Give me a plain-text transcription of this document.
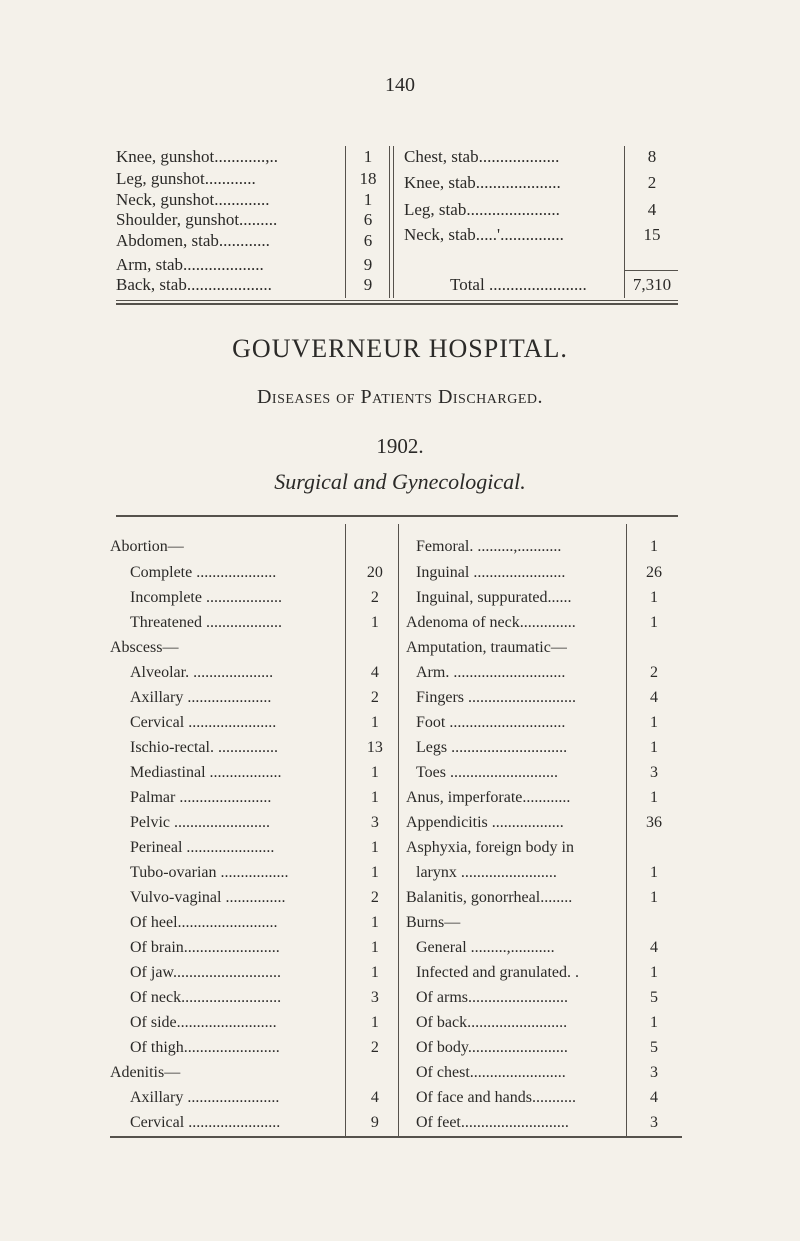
140
Knee, gunshot............,..	1
Leg, gunshot............	18
Neck, gunshot.............	1
Shoulder, gunshot.........	6
Abdomen, stab............	6
Arm, stab...................	9
Back, stab....................	9
Chest, stab...................	8
Knee, stab....................	2
Leg, stab......................	4
Neck, stab.....'...............	15
Total .......................	7,310
GOUVERNEUR HOSPITAL.
Diseases of Patients Discharged.
1902.
Surgical and Gynecological.
Abortion—
Complete ....................	20
Incomplete ...................	2
Threatened ...................	1
Abscess—
Alveolar. ....................	4
Axillary .....................	2
Cervical ......................	1
Ischio-rectal. ...............	13
Mediastinal ..................	1
Palmar .......................	1
Pelvic ........................	3
Perineal ......................	1
Tubo-ovarian .................	1
Vulvo-vaginal ...............	2
Of heel.........................	1
Of brain........................	1
Of jaw...........................	1
Of neck.........................	3
Of side.........................	1
Of thigh........................	2
Adenitis—
Axillary .......................	4
Cervical .......................	9
Femoral. .........,...........	1
Inguinal .......................	26
Inguinal, suppurated......	1
Adenoma of neck..............	1
Amputation, traumatic—
Arm. ............................	2
Fingers ...........................	4
Foot .............................	1
Legs .............................	1
Toes ...........................	3
Anus, imperforate............	1
Appendicitis ..................	36
Asphyxia, foreign body in
larynx ........................	1
Balanitis, gonorrheal........	1
Burns—
General .........,...........	4
Infected and granulated. .	1
Of arms.........................	5
Of back.........................	1
Of body.........................	5
Of chest........................	3
Of face and hands...........	4
Of feet...........................	3
